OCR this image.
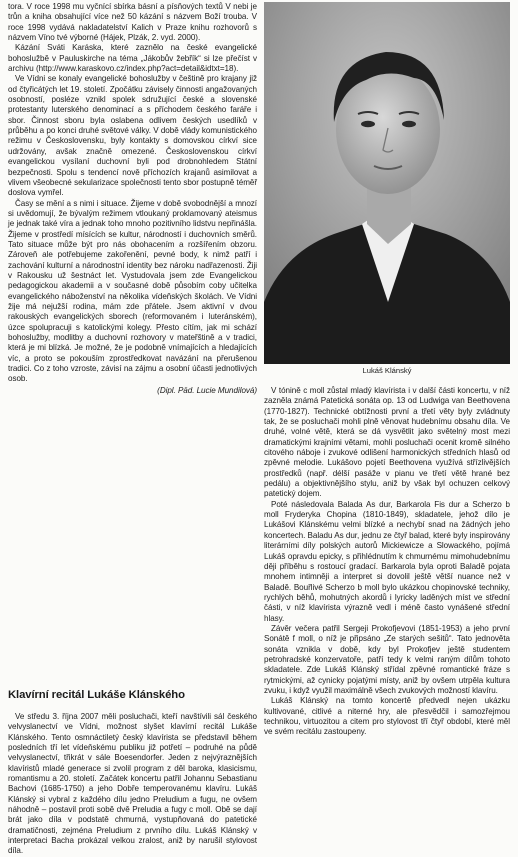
tora. V roce 1998 mu vyčnící sbírka básní a písňových textů V nebi je trůn a kniha obsahující více než 50 kázání s názvem Boží trouba. V roce 1998 vydává nakladatelství Kalich v Praze knihu rozhovorů s názvem Víno tvé výborné (Hájek, Plzák, 2. vyd. 2000).

Kázání Sváti Karáska, které zaznělo na české evangelické bohoslužbě v Pauluskirche na téma „Jákobův žebřík“ si lze přečíst v archivu (http://www.karaskovo.cz/index.php?act=detail&idtxt=18).

Ve Vídni se konaly evangelické bohoslužby v češtině pro krajany již od čtyřicátých let 19. století. Zpočátku závisely činnosti angažovaných osobností, posléze vznikl spolek sdružující české a slovenské protestanty luterského denominací a s příchodem českého faráře i sbor. Činnost sboru byla oslabena odlivem českých usedlíků v průběhu a po konci druhé světové války. V době vlády komunistického režimu v Československu, byly kontakty s domovskou církví sice udržovány, avšak značně omezené. Československou církví evangelickou vysílaní duchovní byli pod drobnohledem Státní bezpečnosti. Spolu s tendencí nově příchozích krajanů asimilovat a vlivem všeobecné sekularizace společnosti tento sbor postupně téměř doslova vymřel.

Časy se mění a s nimi i situace. Žijeme v době svobodnější a mnozí si uvědomují, že bývalým režimem vtloukaný proklamovaný ateismus je jednak také víra a jednak toho mnoho pozitivního lidstvu nepřinášla. Žijeme v prostředí mísících se kultur, národností i duchovních směrů. Tato situace může být pro nás obohacením a rozšířením obzoru. Zároveň ale potřebujeme zakořenění, pevné body, k nimž patří i zachování kulturní a národnostní identity bez nároku nadřazenosti. Žiji v Rakousku už šestnáct let. Vystudovala jsem zde Evangelickou pedagogickou akademii a v současné době působím coby učitelka evangelického náboženství na několika vídeňských školách. Ve Vídni žije má nejužší rodina, mám zde přátele. Jsem aktivní v dvou rakouských evangelických sborech (reformovaném i luteránském), úzce spolupracuji s katolickými kolegy. Přesto cítím, jak mi schází bohoslužby, modlitby a duchovní rozhovory v mateřštině a v tradici, která je mi blízká. Je možné, že je podobně vnímajících a hledajících víc, a proto se pokouším zprostředkovat navázání na přerušenou tradici. Co z toho vzroste, závisí na zájmu a osobní účasti jednotlivých osob.

(Dipl. Päd. Lucie Mundilová)
Klavírní recitál Lukáše Klánského

Ve středu 3. října 2007 měli posluchači, kteří navštívili sál českého velvyslanectví ve Vídni, možnost slyšet klavírní recitál Lukáše Klánského. Tento osmnáctiletý český klavírista se představil během posledních tří let vídeňskému publiku již potřetí – podruhé na půdě velvyslanectví, třikrát v sále Boesendorfer. Jeden z nejvýraznějších klavíristů mladé generace si zvolil program z děl baroka, klasicismu, romantismu a 20. století. Začátek koncertu patřil Johannu Sebastianu Bachovi (1685-1750) a jeho Dobře temperovanému klavíru. Lukáš Klánský si vybral z každého dílu jedno Preludium a fugu, ne ovšem náhodně – postavil proti sobě dvě Preludia a fugy c moll. Obě se dají brát jako díla v podstatě chmurná, vystupňovaná do patetické dramatičnosti, zejména Preludium z prvního dílu. Lukáš Klánský v interpretaci Bacha prokázal velkou zralost, aniž by narušil stylovost díla.

Lukáš Klánský

V tónině c moll zůstal mladý klavírista i v další části koncertu, v níž zazněla známá Patetická sonáta op. 13 od Ludwiga van Beethovena (1770-1827). Technické obtížnosti první a třetí věty byly zvládnuty tak, že se posluchači mohli plně věnovat hudebnímu obsahu díla. Ve druhé, volné větě, která se dá vysvětlit jako světelný most mezi dramatickými krajními větami, mohli posluchači ocenit kromě silného citového náboje i zvukové odlišení harmonických středních hlasů od zpěvné melodie. Lukášovo pojetí Beethovena využívá střízlivějších prostředků (např. délší pasáže v pianu ve třetí větě hrané bez pedálu) a objektivnějšího stylu, aniž by však byl ochuzen celkový patetický dojem.

Poté následovala Balada As dur, Barkarola Fis dur a Scherzo b moll Fryderyka Chopina (1810-1849), skladatele, jehož dílo je Lukášovi Klánskému velmi blízké a nechybí snad na žádných jeho koncertech. Baladu As dur, jednu ze čtyř balad, které byly inspirovány literárními díly polských autorů Mickiewicze a Slowackého, pojímá Lukáš opravdu epicky, s přihlédnutím k chmurnému mimohudebnímu ději příběhu s rostoucí gradací. Barkarola byla oproti Baladě pojata mnohem intimněji a interpret si dovolil ještě větší nuance než v Baladě. Bouřlivé Scherzo b moll bylo ukázkou chopinovské techniky, rychlých běhů, mohutných akordů i lyricky laděných míst ve střední části, v níž klavírista výrazně vedl i méně často vynášené střední hlasy.

Závěr večera patřil Sergeji Prokofjevovi (1851-1953) a jeho první Sonátě f moll, o níž je připsáno „Ze starých sešitů“. Tato jednověta sonáta vznikla v době, kdy byl Prokofjev ještě studentem petrohradské konzervatoře, patří tedy k velmi raným dílům tohoto skladatele. Zde Lukáš Klánský střídal zpěvné romantické fráze s rytmickými, až cynicky pojatými místy, aniž by ovšem utrpěla kultura zvuku, i když využil maximálně všech zvukových možností klavíru.

Lukáš Klánský na tomto koncertě předvedl nejen ukázku kultivované, citlivé a niterné hry, ale přesvědčil i samozřejmou technikou, virtuozitou a citem pro stylovost tří čtyř období, které měl ve svém recitálu zastoupeny.
